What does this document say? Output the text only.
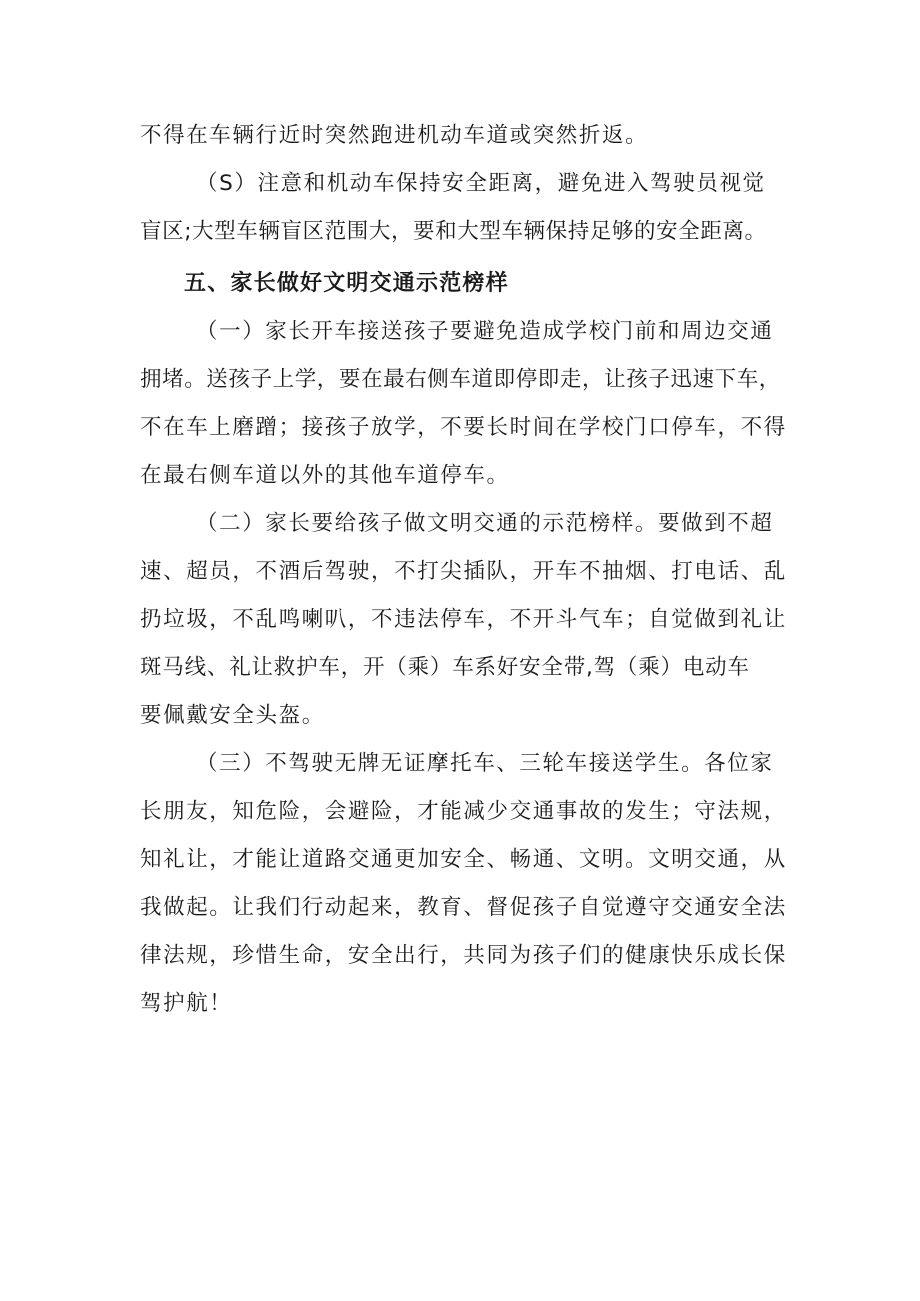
不得在车辆行近时突然跑进机动车道或突然折返。
（S）注意和机动车保持安全距离，避免进入驾驶员视觉
盲区;大型车辆盲区范围大，要和大型车辆保持足够的安全距离。
五、家长做好文明交通示范榜样
（一）家长开车接送孩子要避免造成学校门前和周边交通
拥堵。送孩子上学，要在最右侧车道即停即走，让孩子迅速下车，
不在车上磨蹭；接孩子放学，不要长时间在学校门口停车，不得
在最右侧车道以外的其他车道停车。
（二）家长要给孩子做文明交通的示范榜样。要做到不超
速、超员，不酒后驾驶，不打尖插队，开车不抽烟、打电话、乱
扔垃圾，不乱鸣喇叭，不违法停车，不开斗气车；自觉做到礼让
斑马线、礼让救护车，开（乘）车系好安全带,驾（乘）电动车
要佩戴安全头盔。
（三）不驾驶无牌无证摩托车、三轮车接送学生。各位家
长朋友，知危险，会避险，才能减少交通事故的发生；守法规，
知礼让，才能让道路交通更加安全、畅通、文明。文明交通，从
我做起。让我们行动起来，教育、督促孩子自觉遵守交通安全法
律法规，珍惜生命，安全出行，共同为孩子们的健康快乐成长保
驾护航！
